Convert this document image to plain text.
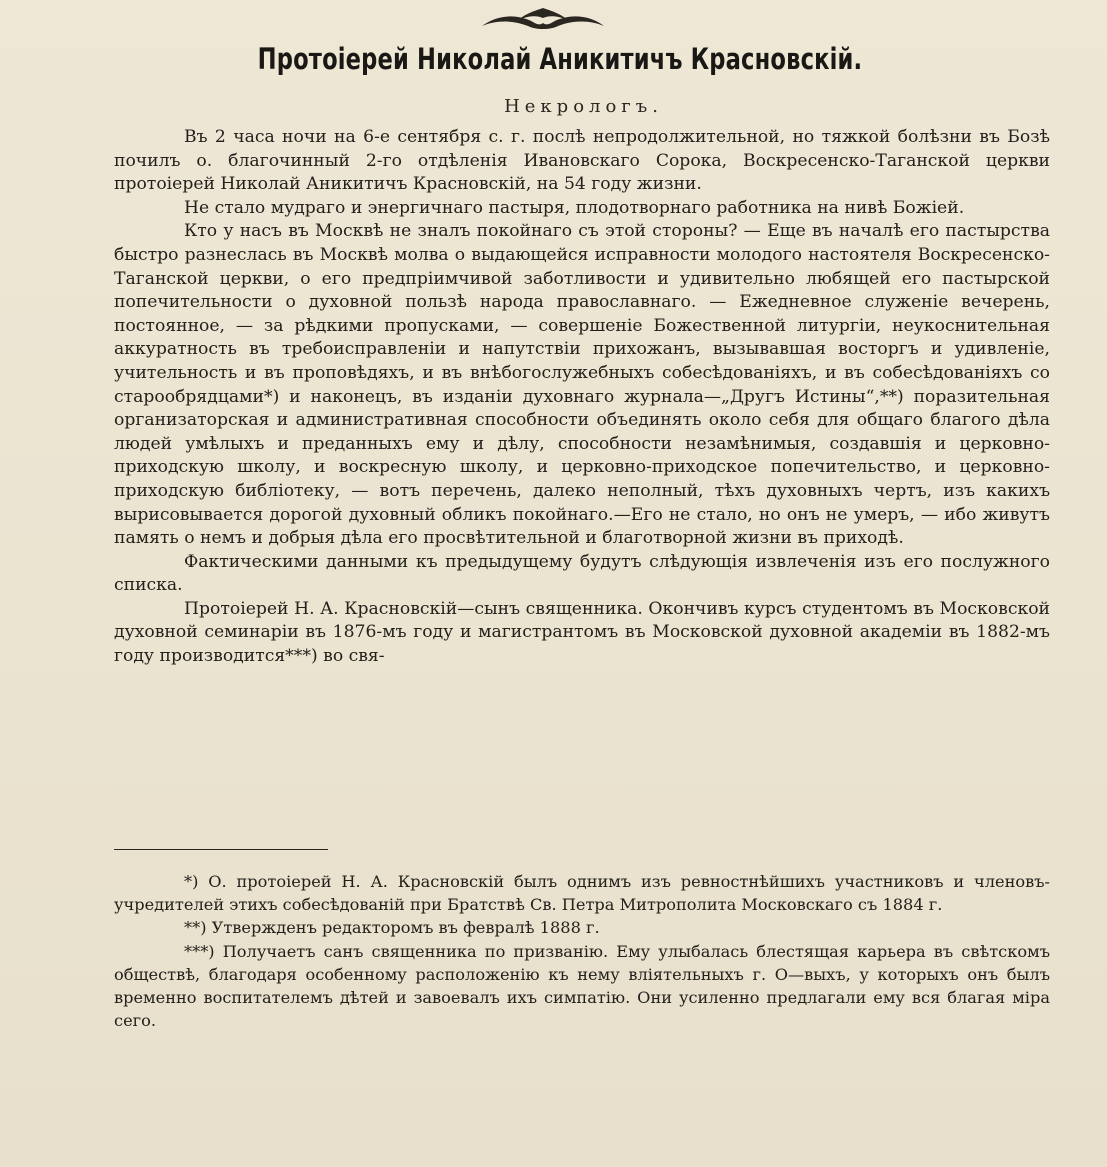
Протоiерей Николай Аникитичъ Красновскiй.
Некрологъ.

Въ 2 часа ночи на 6-е сентября с. г. послѣ непродолжительной, но тяжкой болѣзни въ Бозѣ почилъ о. благочинный 2-го отдѣленiя Ивановскаго Сорока, Воскресенско-Таганской церкви протоiерей Николай Аникитичъ Красновскiй, на 54 году жизни.

Не стало мудраго и энергичнаго пастыря, плодотворнаго работника на нивѣ Божiей.

Кто у насъ въ Москвѣ не зналъ покойнаго съ этой стороны? — Еще въ началѣ его пастырства быстро разнеслась въ Москвѣ молва о выдающейся исправности молодого настоятеля Воскресенско-Таганской церкви, о его предпрiимчивой заботливости и удивительно любящей его пастырской попечительности о духовной пользѣ народа православнаго. — Ежедневное служенiе вечерень, постоянное, — за рѣдкими пропусками, — совершенiе Божественной литургiи, неукоснительная аккуратность въ требоисправленiи и напутствiи прихожанъ, вызывавшая восторгъ и удивленiе, учительность и въ проповѣдяхъ, и въ внѣбогослужебныхъ собесѣдованiяхъ, и въ собесѣдованiяхъ со старообрядцами*) и наконецъ, въ изданiи духовнаго журнала—„Другъ Истины“,**) поразительная организаторская и административная способности объединять около себя для общаго благого дѣла людей умѣлыхъ и преданныхъ ему и дѣлу, способности незамѣнимыя, создавшiя и церковно-приходскую школу, и воскресную школу, и церковно-приходское попечительство, и церковно-приходскую библiотеку, — вотъ перечень, далеко неполный, тѣхъ духовныхъ чертъ, изъ какихъ вырисовывается дорогой духовный обликъ покойнаго.—Его не стало, но онъ не умеръ, — ибо живутъ память о немъ и добрыя дѣла его просвѣтительной и благотворной жизни въ приходѣ.

Фактическими данными къ предыдущему будутъ слѣдующiя извлеченiя изъ его послужного списка.

Протоiерей Н. А. Красновскiй—сынъ священника. Окончивъ курсъ студентомъ въ Московской духовной семинарiи въ 1876-мъ году и магистрантомъ въ Московской духовной академiи въ 1882-мъ году производится***) во свя-

*) О. протоiерей Н. А. Красновскiй былъ однимъ изъ ревностнѣйшихъ участниковъ и членовъ-учредителей этихъ собесѣдованiй при Братствѣ Св. Петра Митрополита Московскаго съ 1884 г.

**) Утвержденъ редакторомъ въ февралѣ 1888 г.

***) Получаетъ санъ священника по призванiю. Ему улыбалась блестящая карьера въ свѣтскомъ обществѣ, благодаря особенному расположенiю къ нему влiятельныхъ г. О—выхъ, у которыхъ онъ былъ временно воспитателемъ дѣтей и завоевалъ ихъ симпатiю. Они усиленно предлагали ему вся благая мiра сего.
